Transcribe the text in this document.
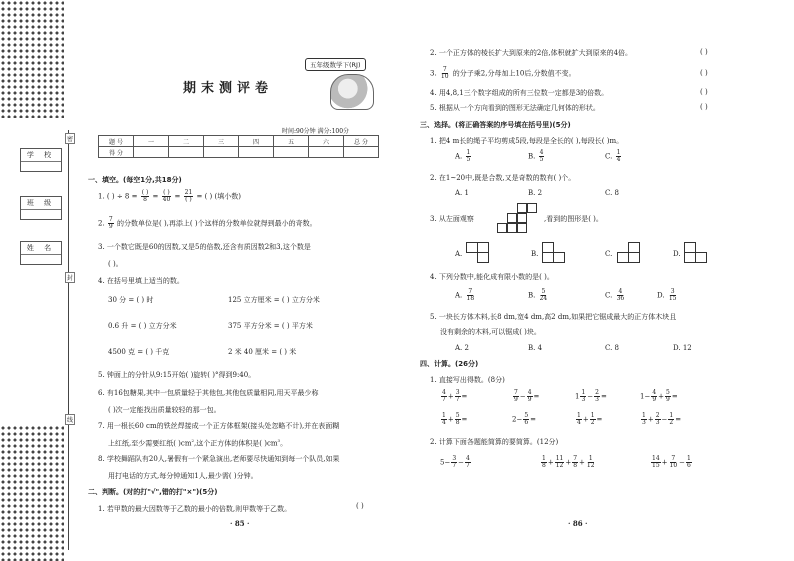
密
封
线
学 校
班 级
姓 名
五年级数学下(RJ)
期末测评卷
时间:90分钟 满分:100分
题 号	一	二	三	四	五	六	总 分
得 分							
一、填空。(每空1分,共18分)
1. ( ) ÷ $8 = \frac{( )}{8} = \frac{( )}{40} = \frac{21}{( )}$ = ( ) (填小数)
2. $\frac{7}{9}$ 的分数单位是( ),再添上( )个这样的分数单位就得到最小的奇数。
3. 一个数它既是60的因数,又是5的倍数,还含有质因数2和3,这个数是
( )。
4. 在括号里填上适当的数。
30 分 = ( ) 时	125 立方厘米 = ( ) 立方分米
0.6 升 = ( ) 立方分米	375 平方分米 = ( ) 平方米
4500 克 = ( ) 千克	2 米 40 厘米 = ( ) 米
5. 钟面上的分针从9:15开始( )旋转( )°得到9:40。
6. 有16包糖果,其中一包质量轻于其他包,其他包质量相同,用天平最少称
( )次一定能找出质量较轻的那一包。
7. 用一根长60 cm的铁丝焊接成一个正方体框架(接头处忽略不计),并在表面糊
上红纸,至少需要红纸( )$cm^2$,这个正方体的体积是( )$cm^3$。
8. 学校舞蹈队有20人,暑假有一个紧急演出,老师要尽快通知到每一个队员,如果
用打电话的方式,每分钟通知1人,最少需( )分钟。
二、判断。(对的打"√",错的打"×")(5分)
1. 若甲数的最大因数等于乙数的最小的倍数,则甲数等于乙数。	( )
· 85 ·
2. 一个正方体的棱长扩大到原来的2倍,体积就扩大到原来的4倍。	( )
3. $\frac{7}{10}$ 的分子乘2,分母加上10后,分数值不变。	( )
4. 用4,8,1三个数字组成的所有三位数一定都是3的倍数。	( )
5. 根据从一个方向看到的图形无法确定几何体的形状。	( )
三、选择。(将正确答案的序号填在括号里)(5分)
1. 把4 m长的绳子平均剪成5段,每段是全长的( ),每段长( )m。
A. $\frac{1}{5}$	B. $\frac{4}{5}$	C. $\frac{1}{4}$
2. 在1~20中,既是合数,又是奇数的数有( )个。
A. 1	B. 2	C. 8
3. 从左面观察	,看到的图形是( )。
A.	B.	C.	D.
4. 下列分数中,能化成有限小数的是( )。
A. $\frac{7}{18}$	B. $\frac{5}{24}$	C. $\frac{4}{36}$	D. $\frac{3}{15}$
5. 一块长方体木料,长8 dm,宽4 dm,高2 dm,如果把它锯成最大的正方体木块且
没有剩余的木料,可以锯成( )块。
A. 2	B. 4	C. 8	D. 12
四、计算。(26分)
1. 直接写出得数。(8分)
$\frac{4}{7} + \frac{3}{7}$ =	$\frac{7}{9} - \frac{4}{9}$ =	$1 \frac{1}{3} - \frac{2}{3}$ =	$1- \frac{4}{9} + \frac{5}{9}$ =
$\frac{1}{4} + \frac{5}{8}$ =	$2- \frac{5}{6}$ =	$\frac{1}{4} + \frac{1}{2}$ =	$\frac{1}{3} + \frac{2}{3} - \frac{1}{2}$ =
2. 计算下面各题能简算的要简算。(12分)
$5- \frac{3}{7} - \frac{4}{7}$	$\frac{1}{8} + \frac{11}{12} + \frac{7}{8} + \frac{1}{12}$	$\frac{14}{15} + \frac{7}{10} - \frac{1}{6}$
· 86 ·
